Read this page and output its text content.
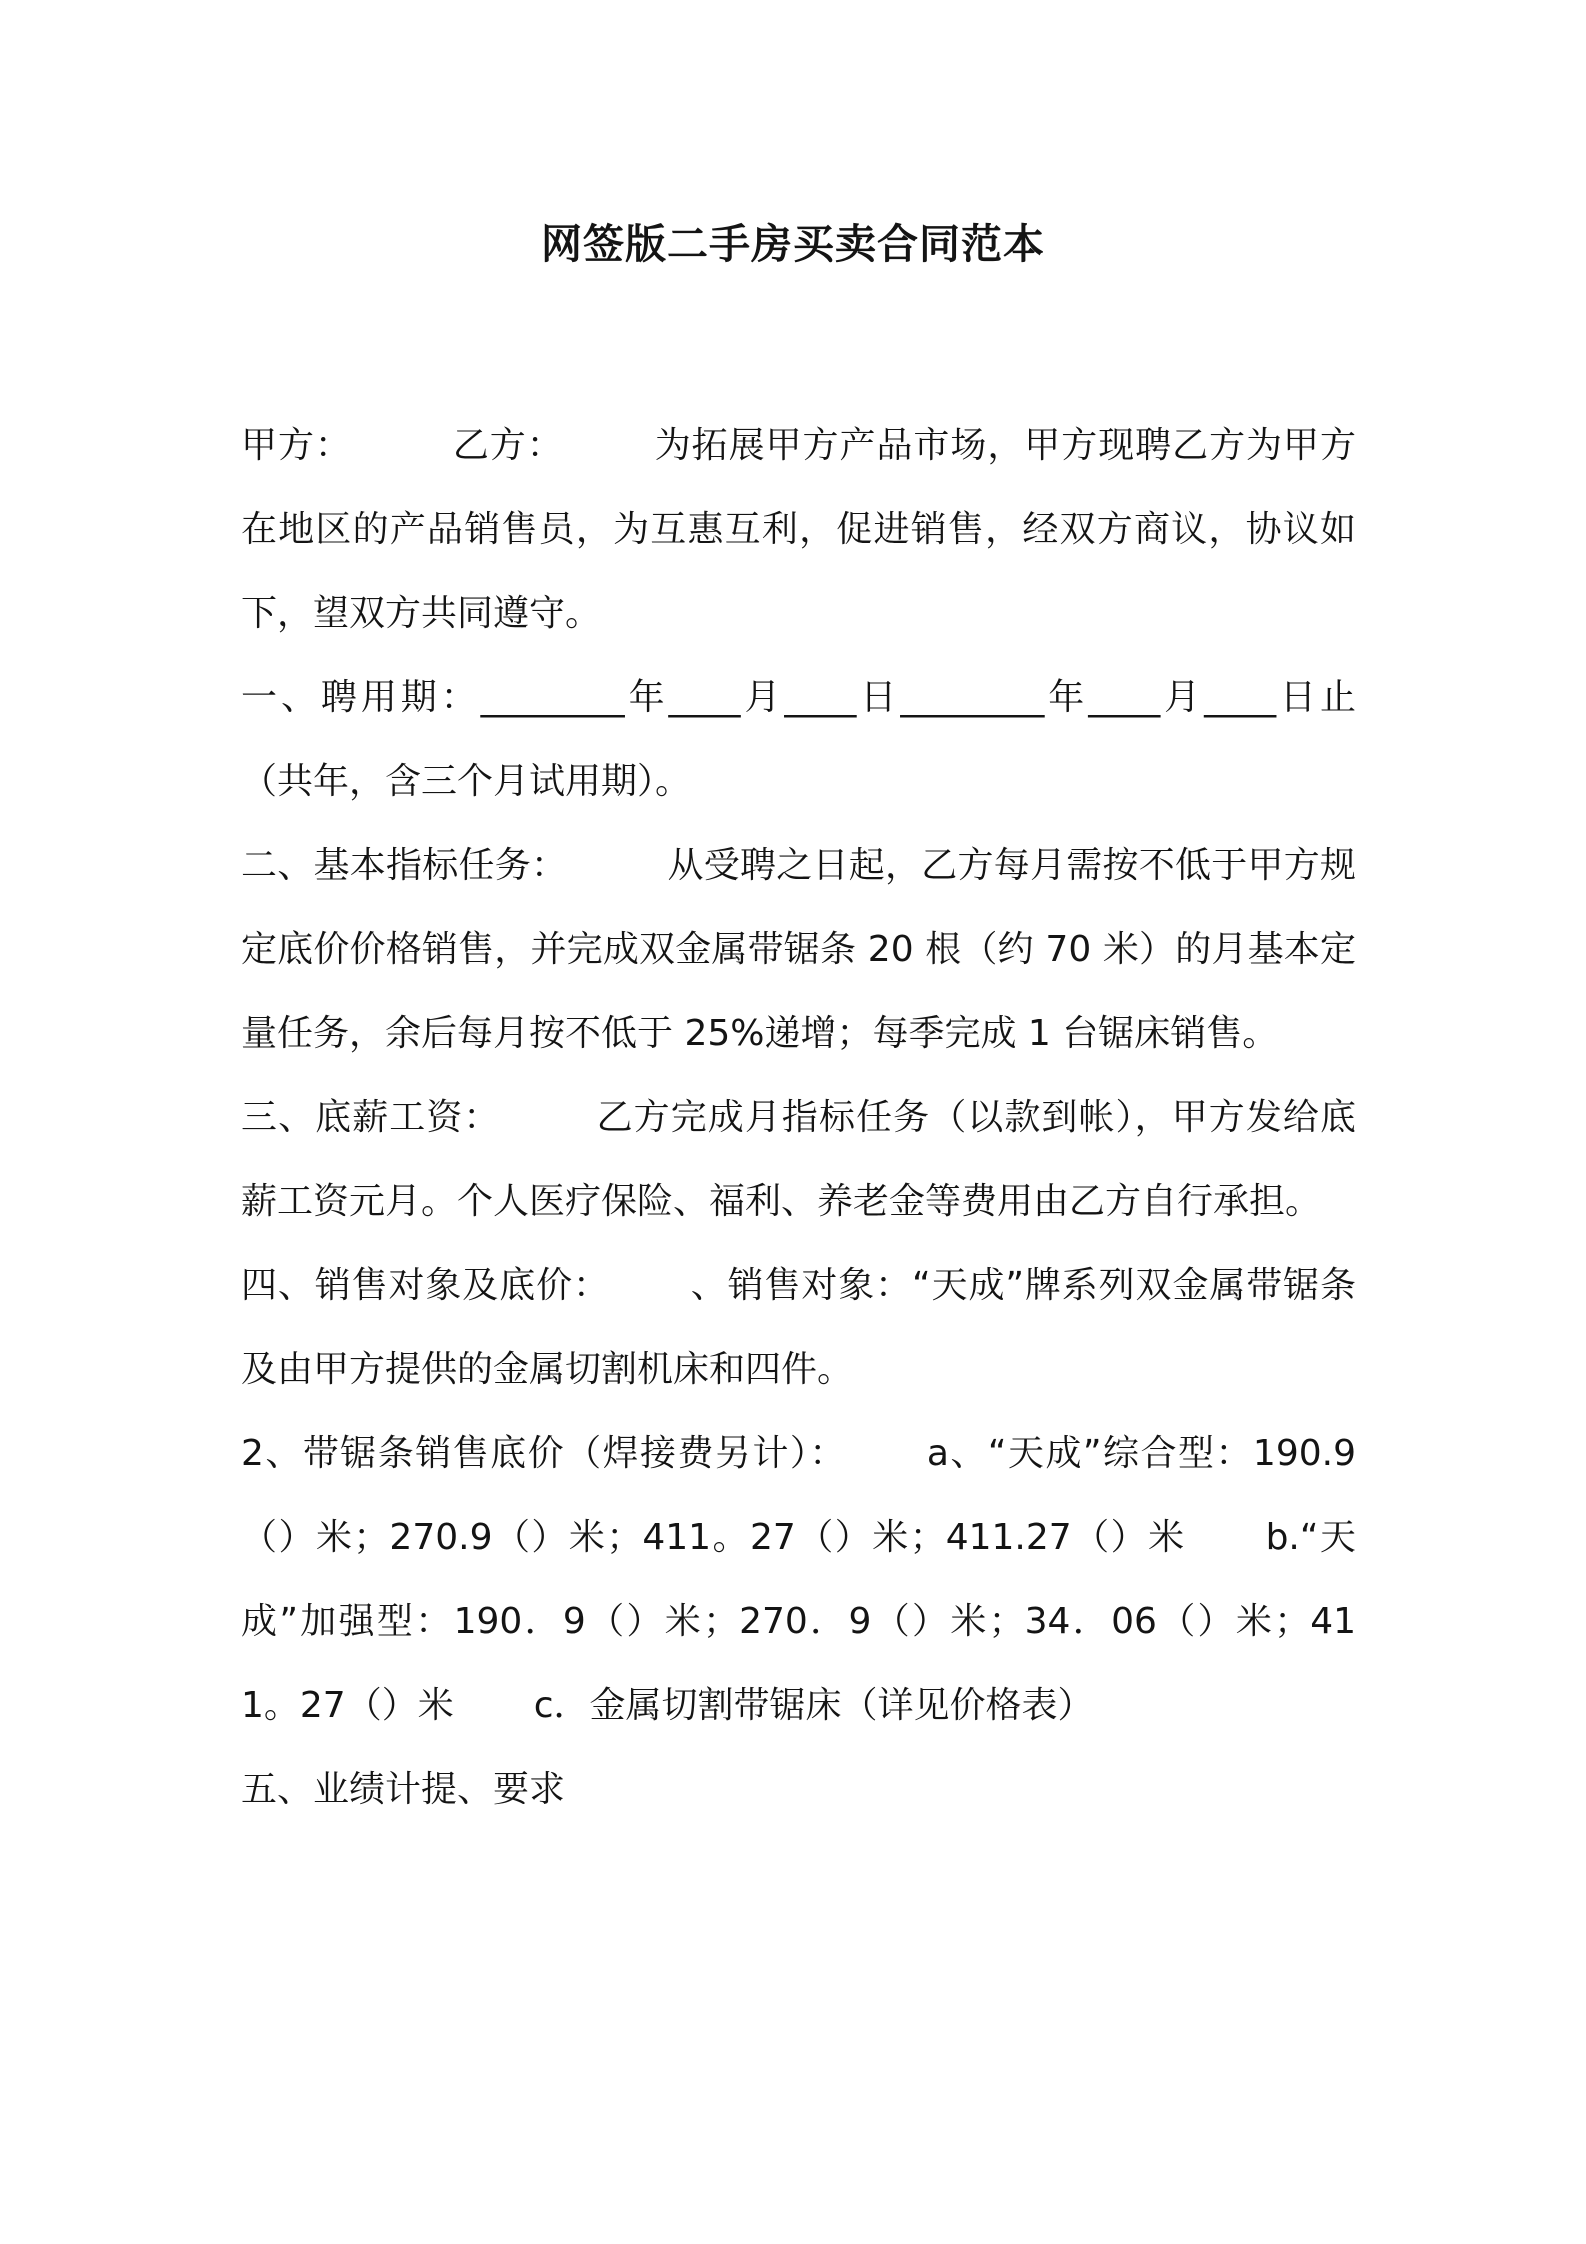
网签版二手房买卖合同范本

甲方：	乙方：	为拓展甲方产品市场，甲方现聘乙方为甲方在地区的产品销售员，为互惠互利，促进销售，经双方商议，协议如下，望双方共同遵守。

一、聘用期：________年____月____日________年____月____日止（共年，含三个月试用期）。

二、基本指标任务：	从受聘之日起，乙方每月需按不低于甲方规定底价价格销售，并完成双金属带锯条 20 根（约 70 米）的月基本定量任务，余后每月按不低于 25%递增；每季完成 1 台锯床销售。

三、底薪工资：	乙方完成月指标任务（以款到帐），甲方发给底薪工资元月。个人医疗保险、福利、养老金等费用由乙方自行承担。

四、销售对象及底价： 、销售对象：“天成”牌系列双金属带锯条及由甲方提供的金属切割机床和四件。

2、带锯条销售底价（焊接费另计）： a、“天成”综合型：190.9 （）米；270.9（）米；411。27（）米；411.27（）米 b.“天成”加强型：190．9（）米；270．9（）米；34．06（）米；411。27（）米 c．金属切割带锯床（详见价格表）

五、业绩计提、要求
